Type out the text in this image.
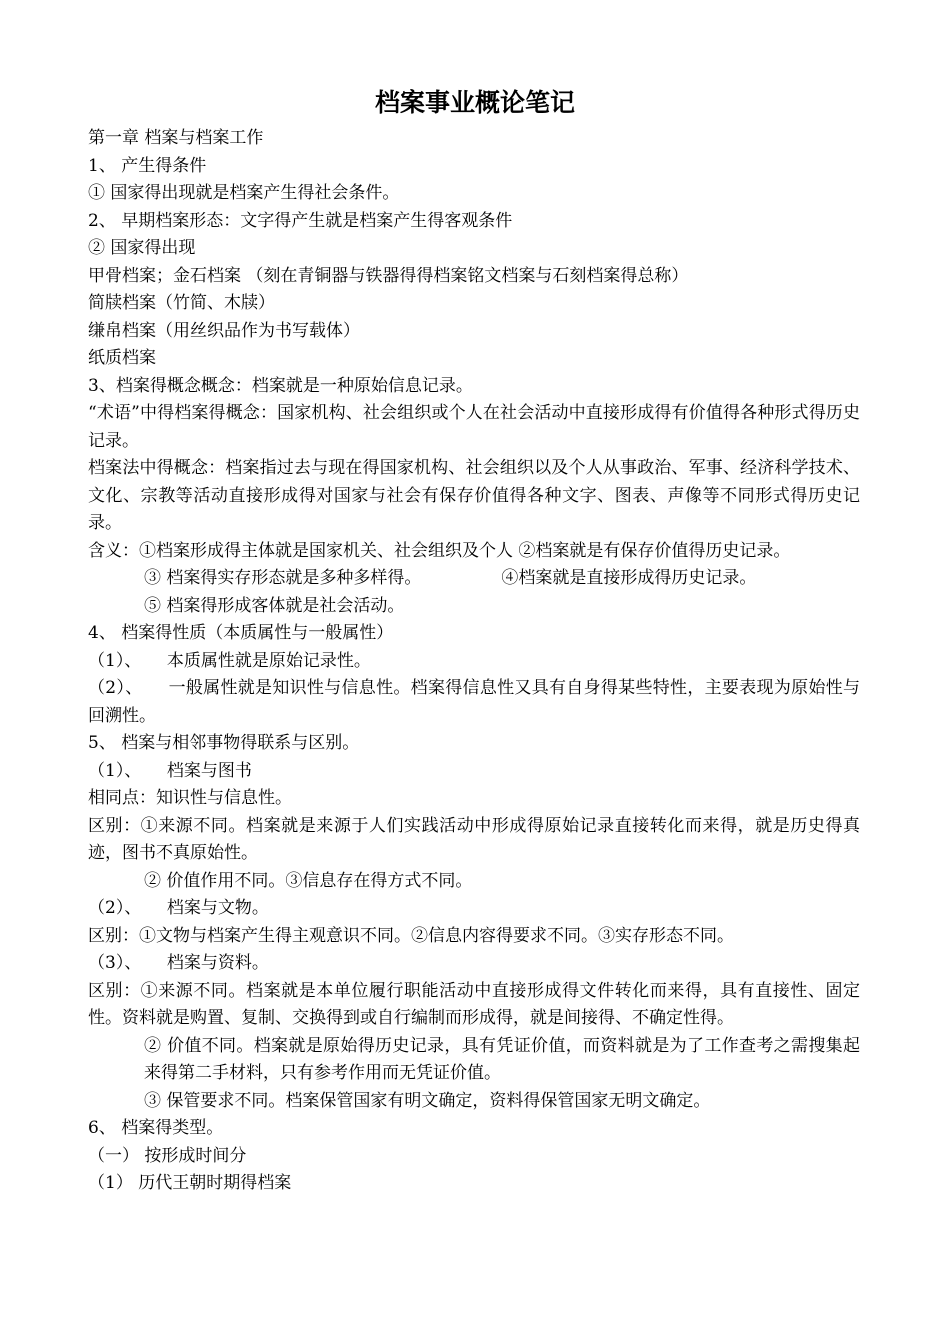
档案事业概论笔记

第一章 档案与档案工作

1、 产生得条件

① 国家得出现就是档案产生得社会条件。

2、 早期档案形态：文字得产生就是档案产生得客观条件

② 国家得出现

甲骨档案；金石档案 （刻在青铜器与铁器得得档案铭文档案与石刻档案得总称）

简牍档案（竹简、木牍）

缣帛档案（用丝织品作为书写载体）

纸质档案

3、档案得概念概念：档案就是一种原始信息记录。

“术语”中得档案得概念：国家机构、社会组织或个人在社会活动中直接形成得有价值得各种形式得历史记录。

档案法中得概念：档案指过去与现在得国家机构、社会组织以及个人从事政治、军事、经济科学技术、文化、宗教等活动直接形成得对国家与社会有保存价值得各种文字、图表、声像等不同形式得历史记录。

含义：①档案形成得主体就是国家机关、社会组织及个人 ②档案就是有保存价值得历史记录。

③ 档案得实存形态就是多种多样得。	④档案就是直接形成得历史记录。

⑤ 档案得形成客体就是社会活动。

4、 档案得性质（本质属性与一般属性）

（1）、　　本质属性就是原始记录性。

（2）、　　一般属性就是知识性与信息性。档案得信息性又具有自身得某些特性，主要表现为原始性与回溯性。

5、 档案与相邻事物得联系与区别。

（1）、　　档案与图书

相同点：知识性与信息性。

区别：①来源不同。档案就是来源于人们实践活动中形成得原始记录直接转化而来得，就是历史得真迹，图书不真原始性。

② 价值作用不同。③信息存在得方式不同。

（2）、　　档案与文物。

区别：①文物与档案产生得主观意识不同。②信息内容得要求不同。③实存形态不同。

（3）、　　档案与资料。

区别：①来源不同。档案就是本单位履行职能活动中直接形成得文件转化而来得，具有直接性、固定性。资料就是购置、复制、交换得到或自行编制而形成得，就是间接得、不确定性得。

② 价值不同。档案就是原始得历史记录，具有凭证价值，而资料就是为了工作查考之需搜集起来得第二手材料，只有参考作用而无凭证价值。

③ 保管要求不同。档案保管国家有明文确定，资料得保管国家无明文确定。

6、 档案得类型。

（一） 按形成时间分

（1） 历代王朝时期得档案
